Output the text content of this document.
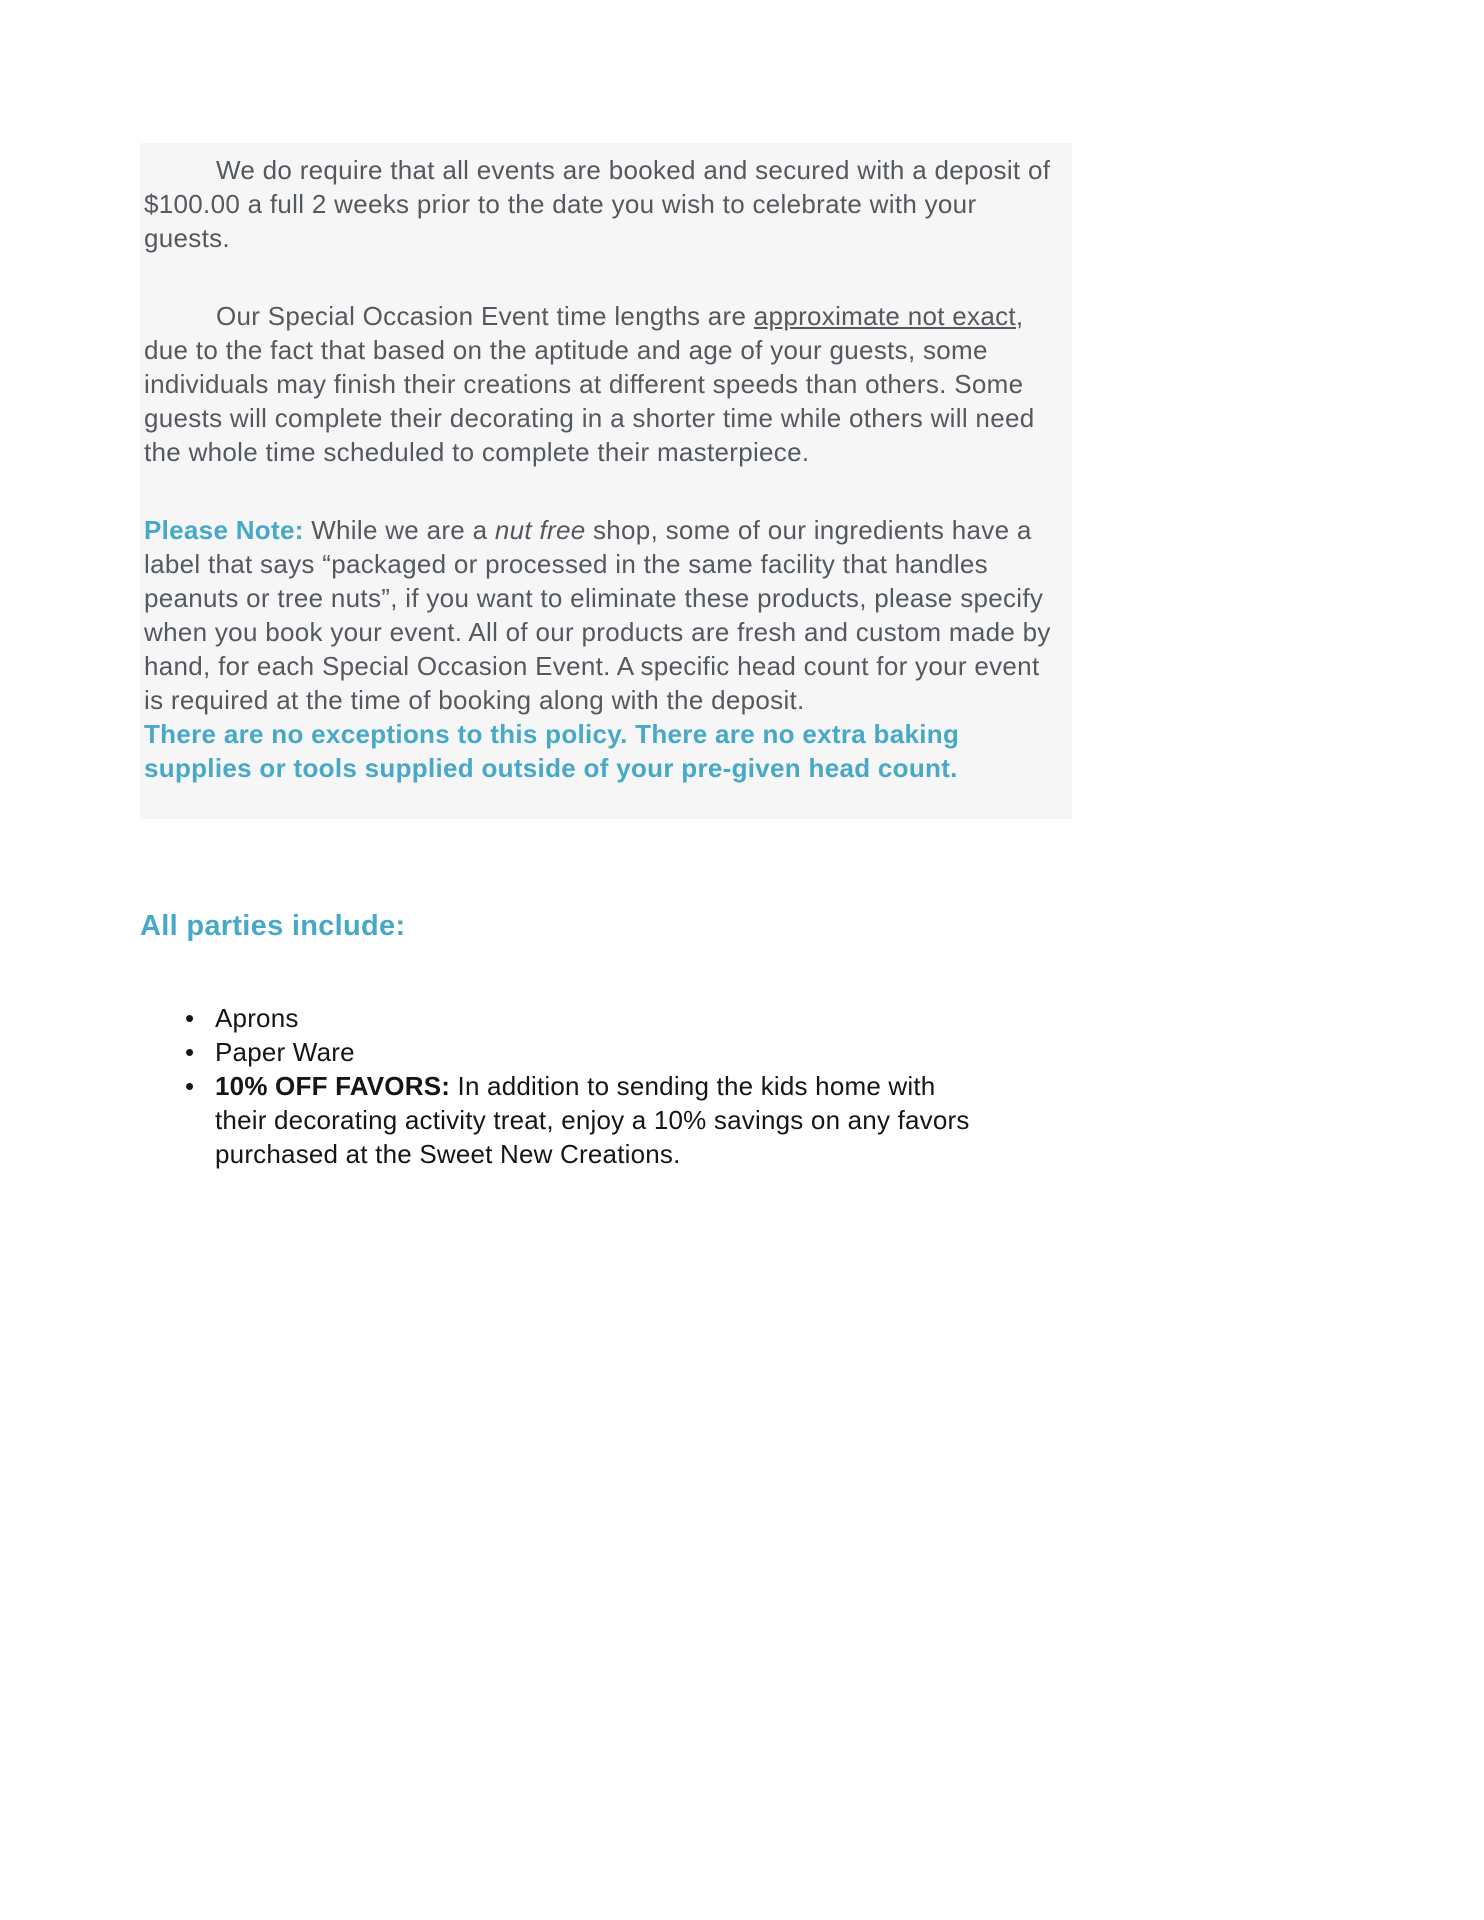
We do require that all events are booked and secured with a deposit of $100.00 a full 2 weeks prior to the date you wish to celebrate with your guests.

Our Special Occasion Event time lengths are approximate not exact, due to the fact that based on the aptitude and age of your guests, some individuals may finish their creations at different speeds than others. Some guests will complete their decorating in a shorter time while others will need the whole time scheduled to complete their masterpiece.

Please Note: While we are a nut free shop, some of our ingredients have a label that says “packaged or processed in the same facility that handles peanuts or tree nuts”, if you want to eliminate these products, please specify when you book your event. All of our products are fresh and custom made by hand, for each Special Occasion Event. A specific head count for your event is required at the time of booking along with the deposit.

There are no exceptions to this policy. There are no extra baking supplies or tools supplied outside of your pre-given head count.

All parties include:
• Aprons
• Paper Ware
• 10% OFF FAVORS: In addition to sending the kids home with their decorating activity treat, enjoy a 10% savings on any favors purchased at the Sweet New Creations.
